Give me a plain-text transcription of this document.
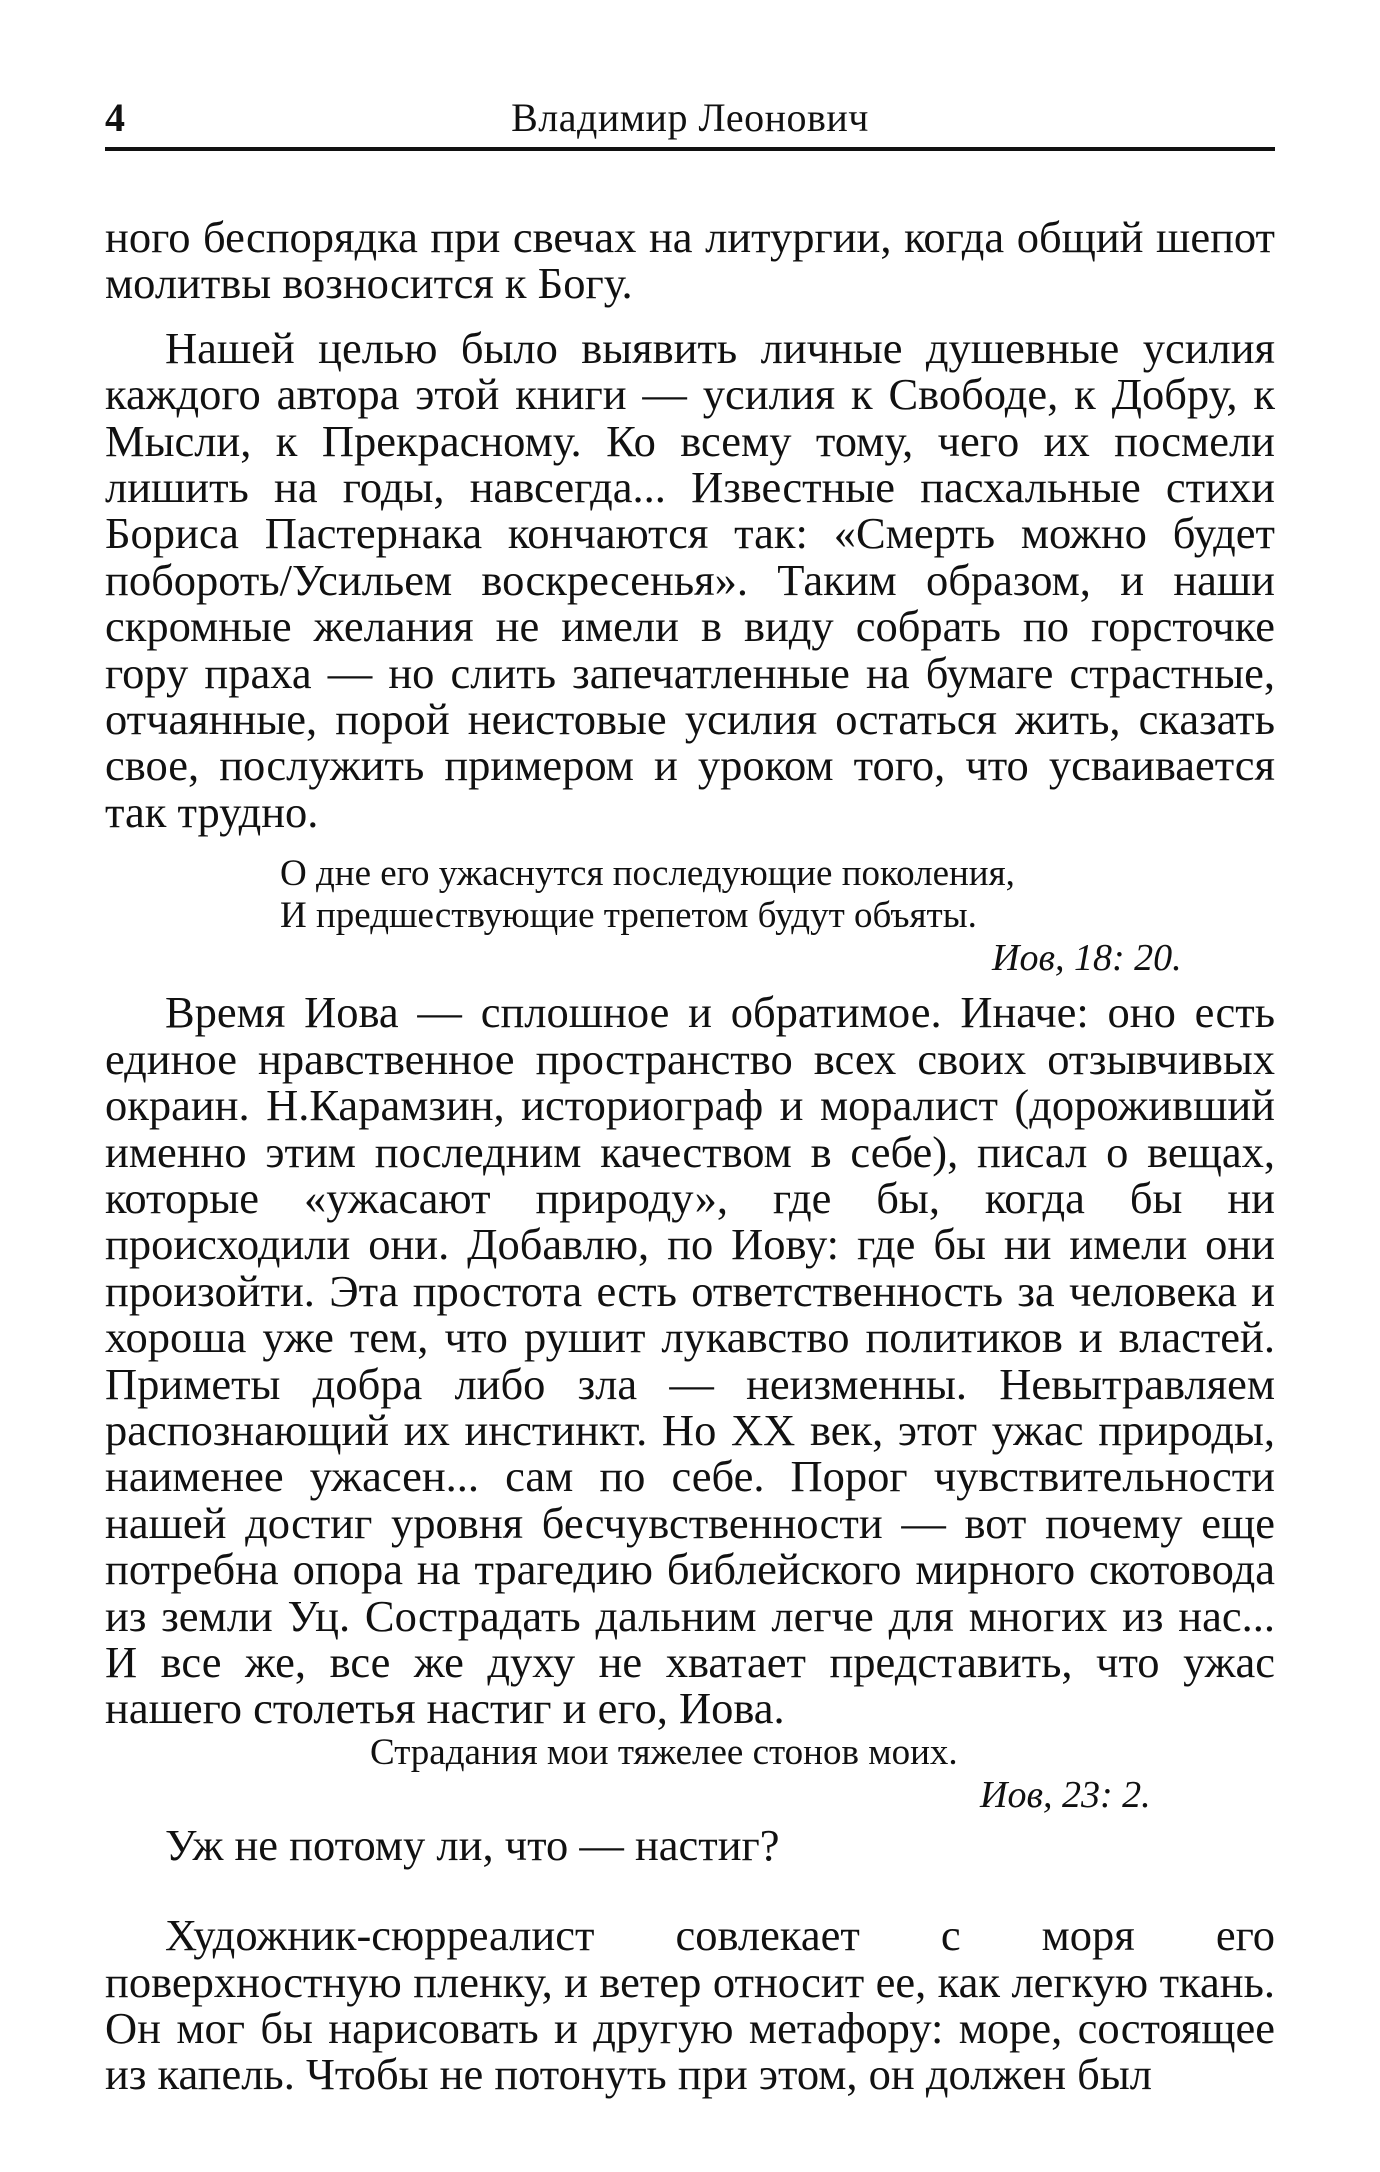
4	Владимир Леонович

ного беспорядка при свечах на литургии, когда общий шепот молитвы возносится к Богу.

Нашей целью было выявить личные душевные усилия каждого автора этой книги — усилия к Свободе, к Добру, к Мысли, к Прекрасному. Ко всему тому, чего их посмели лишить на годы, навсегда... Известные пасхальные стихи Бориса Пастернака кончаются так: «Смерть можно будет побороть/Усильем воскресенья». Таким образом, и наши скромные желания не имели в виду собрать по горсточке гору праха — но слить запечатленные на бумаге страстные, отчаянные, порой неистовые усилия остаться жить, сказать свое, послужить примером и уроком того, что усваивается так трудно.

О дне его ужаснутся последующие поколения,
И предшествующие трепетом будут объяты.
Иов, 18: 20.

Время Иова — сплошное и обратимое. Иначе: оно есть единое нравственное пространство всех своих отзывчивых окраин. Н.Карамзин, историограф и моралист (дороживший именно этим последним качеством в себе), писал о вещах, которые «ужасают природу», где бы, когда бы ни происходили они. Добавлю, по Иову: где бы ни имели они произойти. Эта простота есть ответственность за человека и хороша уже тем, что рушит лукавство политиков и властей. Приметы добра либо зла — неизменны. Невытравляем распознающий их инстинкт. Но XX век, этот ужас природы, наименее ужасен... сам по себе. Порог чувствительности нашей достиг уровня бесчувственности — вот почему еще потребна опора на трагедию библейского мирного скотовода из земли Уц. Сострадать дальним легче для многих из нас... И все же, все же духу не хватает представить, что ужас нашего столетья настиг и его, Иова.

Страдания мои тяжелее стонов моих.
Иов, 23: 2.

Уж не потому ли, что — настиг?

Художник-сюрреалист совлекает с моря его поверхностную пленку, и ветер относит ее, как легкую ткань. Он мог бы нарисовать и другую метафору: море, состоящее из капель. Чтобы не потонуть при этом, он должен был
